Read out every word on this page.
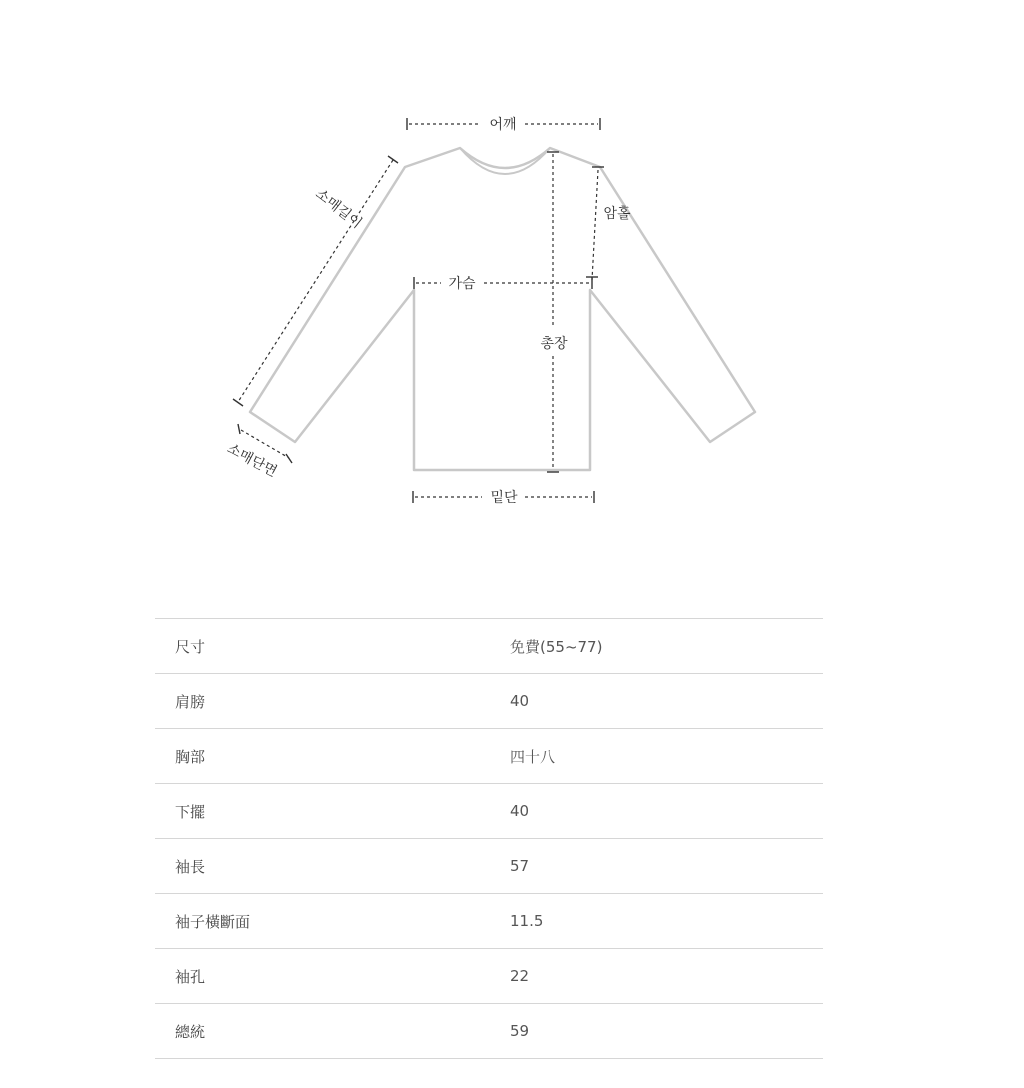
어깨
소매길이	암홀
가슴
총장
소매단면
밑단
尺寸	免費(55~77)
肩膀	40
胸部	四十八
下擺	40
袖長	57
袖子橫斷面	11.5
袖孔	22
總統	59
